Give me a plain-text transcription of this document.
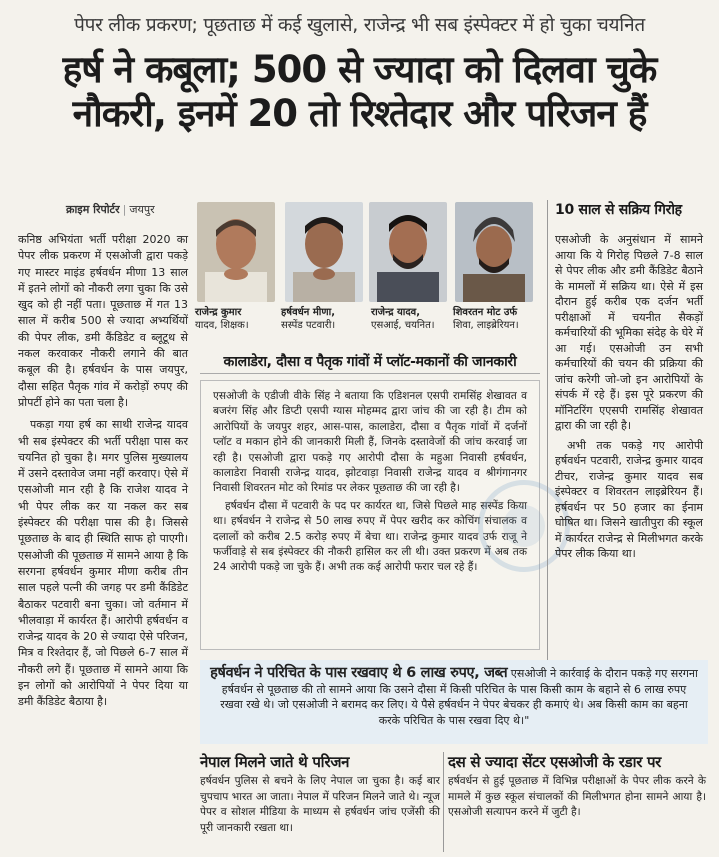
पेपर लीक प्रकरण; पूछताछ में कई खुलासे, राजेन्द्र भी सब इंस्पेक्टर में हो चुका चयनित
हर्ष ने कबूला; 500 से ज्यादा को दिलवा चुके
नौकरी, इनमें 20 तो रिश्तेदार और परिजन हैं
क्राइम रिपोर्टर | जयपुर

कनिष्ठ अभियंता भर्ती परीक्षा 2020 का पेपर लीक प्रकरण में एसओजी द्वारा पकड़े गए मास्टर माइंड हर्षवर्धन मीणा 13 साल में इतने लोगों को नौकरी लगा चुका कि उसे खुद को ही नहीं पता। पूछताछ में गत 13 साल में करीब 500 से ज्यादा अभ्यर्थियों की पेपर लीक, डमी कैंडिडेट व ब्लूटूथ से नकल करवाकर नौकरी लगाने की बात कबूल की है। हर्षवर्धन के पास जयपुर, दौसा सहित पैतृक गांव में करोड़ों रुपए की प्रोपर्टी होने का पता चला है।

पकड़ा गया हर्ष का साथी राजेन्द्र यादव भी सब इंस्पेक्टर की भर्ती परीक्षा पास कर चयनित हो चुका है। मगर पुलिस मुख्यालय में उसने दस्तावेज जमा नहीं करवाए। ऐसे में एसओजी मान रही है कि राजेश यादव ने भी पेपर लीक कर या नकल कर सब इंस्पेक्टर की परीक्षा पास की है। जिससे पूछताछ के बाद ही स्थिति साफ हो पाएगी। एसओजी की पूछताछ में सामने आया है कि सरगना हर्षवर्धन कुमार मीणा करीब तीन साल पहले पत्नी की जगह पर डमी कैंडिडेट बैठाकर पटवारी बना चुका। जो वर्तमान में भीलवाड़ा में कार्यरत हैं। आरोपी हर्षवर्धन व राजेन्द्र यादव के 20 से ज्यादा ऐसे परिजन, मित्र व रिश्तेदार हैं, जो पिछले 6-7 साल में नौकरी लगे हैं। पूछताछ में सामने आया कि इन लोगों को आरोपियों ने पेपर दिया या डमी कैंडिडेट बैठाया है।

राजेन्द्र कुमार
यादव, शिक्षक।
हर्षवर्धन मीणा,
सस्पेंड पटवारी।
राजेन्द्र यादव,
एसआई, चयनित।
शिवरतन मोट उर्फ
शिवा, लाइब्रेरियन।
कालाडेरा, दौसा व पैतृक गांवों में प्लॉट-मकानों की जानकारी

एसओजी के एडीजी वीके सिंह ने बताया कि एडिशनल एसपी रामसिंह शेखावत व बजरंग सिंह और डिप्टी एसपी ग्यास मोहम्मद द्वारा जांच की जा रही है। टीम को आरोपियों के जयपुर शहर, आस-पास, कालाडेरा, दौसा व पैतृक गांवों में दर्जनों प्लॉट व मकान होने की जानकारी मिली हैं, जिनके दस्तावेजों की जांच करवाई जा रही है। एसओजी द्वारा पकड़े गए आरोपी दौसा के महुआ निवासी हर्षवर्धन, कालाडेरा निवासी राजेन्द्र यादव, झोटवाड़ा निवासी राजेन्द्र यादव व श्रीगंगानगर निवासी शिवरतन मोट को रिमांड पर लेकर पूछताछ की जा रही है।

हर्षवर्धन दौसा में पटवारी के पद पर कार्यरत था, जिसे पिछले माह सस्पेंड किया था। हर्षवर्धन ने राजेन्द्र से 50 लाख रुपए में पेपर खरीद कर कोचिंग संचालक व दलालों को करीब 2.5 करोड़ रुपए में बेचा था। राजेन्द्र कुमार यादव उर्फ राजू ने फर्जीवाड़े से सब इंस्पेक्टर की नौकरी हासिल कर ली थी। उक्त प्रकरण में अब तक 24 आरोपी पकड़े जा चुके हैं। अभी तक कई आरोपी फरार चल रहे हैं।

10 साल से सक्रिय गिरोह

एसओजी के अनुसंधान में सामने आया कि ये गिरोह पिछले 7-8 साल से पेपर लीक और डमी कैंडिडेट बैठाने के मामलों में सक्रिय था। ऐसे में इस दौरान हुई करीब एक दर्जन भर्ती परीक्षाओं में चयनीत सैकड़ों कर्मचारियों की भूमिका संदेह के घेरे में आ गई। एसओजी उन सभी कर्मचारियों की चयन की प्रक्रिया की जांच करेगी जो-जो इन आरोपियों के संपर्क में रहे हैं। इस पूरे प्रकरण की मॉनिटरिंग एएसपी रामसिंह शेखावत द्वारा की जा रही है।

अभी तक पकड़े गए आरोपी हर्षवर्धन पटवारी, राजेन्द्र कुमार यादव टीचर, राजेन्द्र कुमार यादव सब इंस्पेक्टर व शिवरतन लाइब्रेरियन हैं। हर्षवर्धन पर 50 हजार का ईनाम घोषित था। जिसने खातीपुरा की स्कूल में कार्यरत राजेन्द्र से मिलीभगत करके पेपर लीक किया था।

हर्षवर्धन ने परिचित के पास रखवाए थे 6 लाख रुपए, जब्त एसओजी ने कार्रवाई के दौरान पकड़े गए सरगना हर्षवर्धन से पूछताछ की तो सामने आया कि उसने दौसा में किसी परिचित के पास किसी काम के बहाने से 6 लाख रुपए रखवा रखे थे। जो एसओजी ने बरामद कर लिए। ये पैसे हर्षवर्धन ने पेपर बेचकर ही कमाएं थे। अब किसी काम का बहना करके परिचित के पास रखवा दिए थे।"
नेपाल मिलने जाते थे परिजन
हर्षवर्धन पुलिस से बचने के लिए नेपाल जा चुका है। कई बार चुपचाप भारत आ जाता। नेपाल में परिजन मिलने जाते थे। न्यूज पेपर व सोशल मीडिया के माध्यम से हर्षवर्धन जांच एजेंसी की पूरी जानकारी रखता था।
दस से ज्यादा सेंटर एसओजी के रडार पर
हर्षवर्धन से हुई पूछताछ में विभिन्न परीक्षाओं के पेपर लीक करने के मामले में कुछ स्कूल संचालकों की मिलीभगत होना सामने आया है। एसओजी सत्यापन करने में जुटी है।
